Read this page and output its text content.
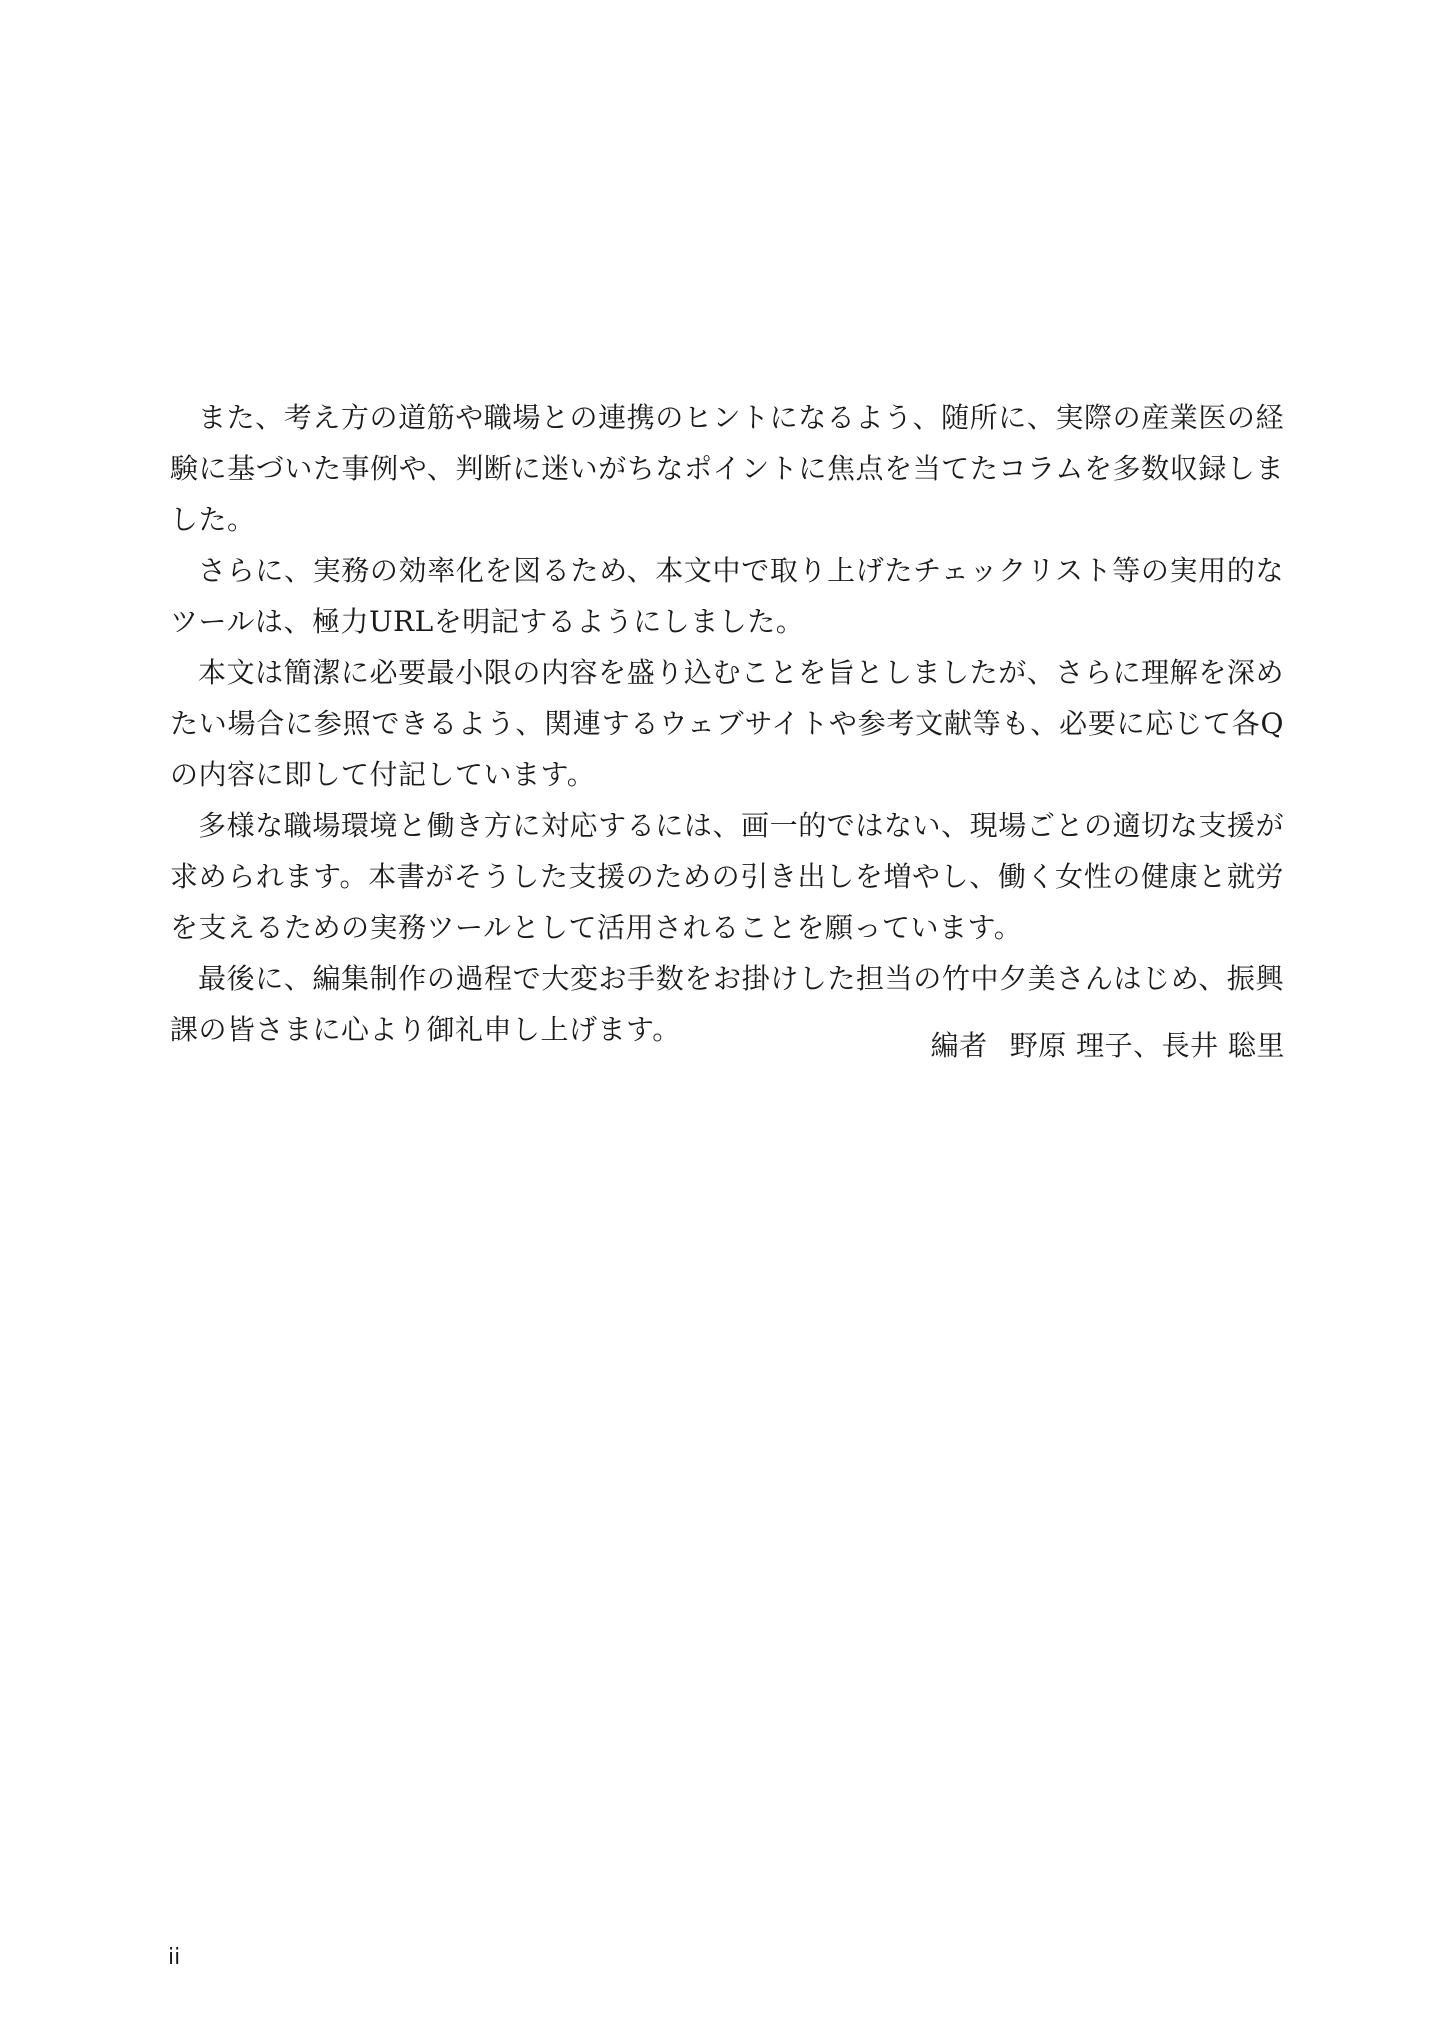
また、考え方の道筋や職場との連携のヒントになるよう、随所に、実際の産業医の経験に基づいた事例や、判断に迷いがちなポイントに焦点を当てたコラムを多数収録しました。

さらに、実務の効率化を図るため、本文中で取り上げたチェックリスト等の実用的なツールは、極力URLを明記するようにしました。

本文は簡潔に必要最小限の内容を盛り込むことを旨としましたが、さらに理解を深めたい場合に参照できるよう、関連するウェブサイトや参考文献等も、必要に応じて各Qの内容に即して付記しています。

多様な職場環境と働き方に対応するには、画一的ではない、現場ごとの適切な支援が求められます。本書がそうした支援のための引き出しを増やし、働く女性の健康と就労を支えるための実務ツールとして活用されることを願っています。

最後に、編集制作の過程で大変お手数をお掛けした担当の竹中夕美さんはじめ、振興課の皆さまに心より御礼申し上げます。	編者 野原 理子、長井 聡里
ii
